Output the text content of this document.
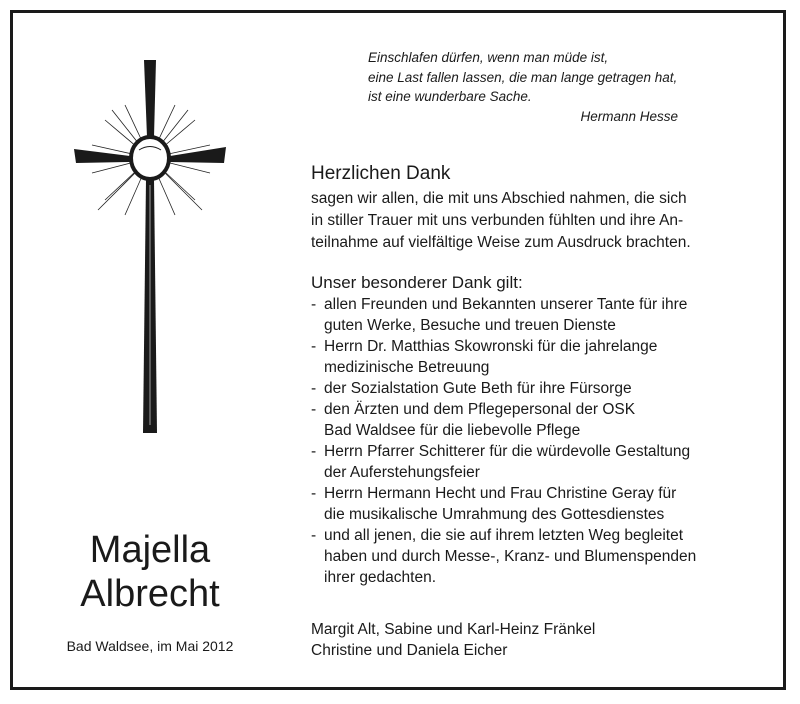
Einschlafen dürfen, wenn man müde ist,
eine Last fallen lassen, die man lange getragen hat,
ist eine wunderbare Sache.

Hermann Hesse
Herzlichen Dank

sagen wir allen, die mit uns Abschied nahmen, die sich
in stiller Trauer mit uns verbunden fühlten und ihre An-
teilnahme auf vielfältige Weise zum Ausdruck brachten.

Unser besonderer Dank gilt:
- allen Freunden und Bekannten unserer Tante für ihre
guten Werke, Besuche und treuen Dienste
- Herrn Dr. Matthias Skowronski für die jahrelange
medizinische Betreuung
- der Sozialstation Gute Beth für ihre Fürsorge
- den Ärzten und dem Pflegepersonal der OSK
Bad Waldsee für die liebevolle Pflege
- Herrn Pfarrer Schitterer für die würdevolle Gestaltung
der Auferstehungsfeier
- Herrn Hermann Hecht und Frau Christine Geray für
die musikalische Umrahmung des Gottesdienstes
- und all jenen, die sie auf ihrem letzten Weg begleitet
haben und durch Messe-, Kranz- und Blumenspenden
ihrer gedachten.
Margit Alt, Sabine und Karl-Heinz Fränkel
Christine und Daniela Eicher
Majella
Albrecht
Bad Waldsee, im Mai 2012
